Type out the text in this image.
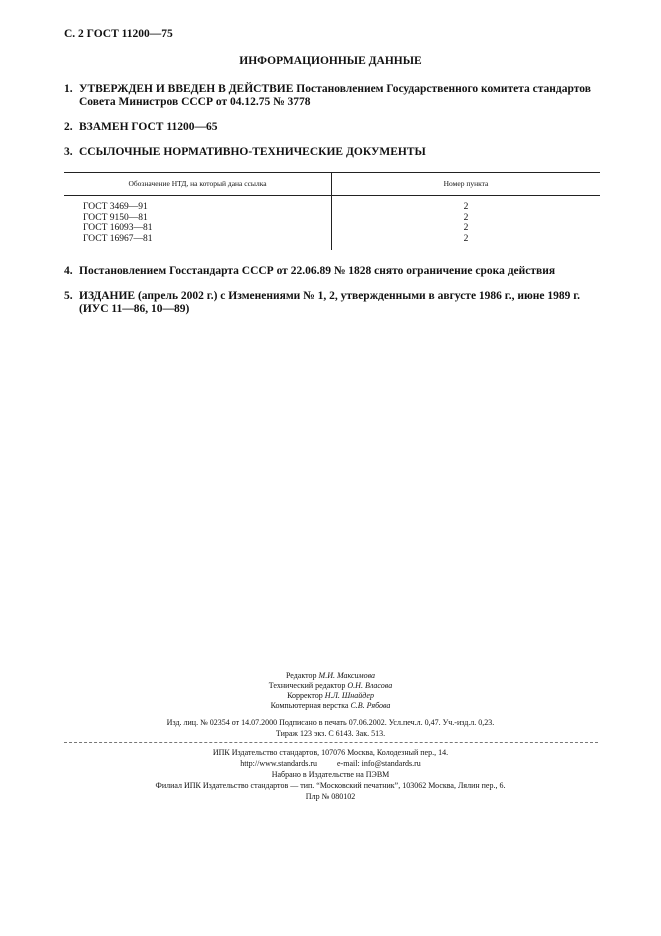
С. 2 ГОСТ 11200—75
ИНФОРМАЦИОННЫЕ ДАННЫЕ
1. УТВЕРЖДЕН И ВВЕДЕН В ДЕЙСТВИЕ Постановлением Государственного комитета стандартов
Совета Министров СССР от 04.12.75 № 3778
2. ВЗАМЕН ГОСТ 11200—65
3. ССЫЛОЧНЫЕ НОРМАТИВНО-ТЕХНИЧЕСКИЕ ДОКУМЕНТЫ
Обозначение НТД, на который дана ссылка	Номер пункта
ГОСТ 3469—91	2
ГОСТ 9150—81	2
ГОСТ 16093—81	2
ГОСТ 16967—81	2
4. Постановлением Госстандарта СССР от 22.06.89 № 1828 снято ограничение срока действия
5. ИЗДАНИЕ (апрель 2002 г.) с Изменениями № 1, 2, утвержденными в августе 1986 г., июне 1989 г.
(ИУС 11—86, 10—89)
Редактор М.И. Максимова
Технический редактор О.Н. Власова
Корректор Н.Л. Шнайдер
Компьютерная верстка С.В. Рябова
Изд. лиц. № 02354 от 14.07.2000 Подписано в печать 07.06.2002. Усл.печ.л. 0,47. Уч.-изд.л. 0,23.
Тираж 123 экз. С 6143. Зак. 513.
ИПК Издательство стандартов, 107076 Москва, Колодезный пер., 14.
http://www.standards.ru          e-mail: info@standards.ru
Набрано в Издательстве на ПЭВМ
Филиал ИПК Издательство стандартов — тип. “Московский печатник”, 103062 Москва, Лялин пер., 6.
Плр № 080102
